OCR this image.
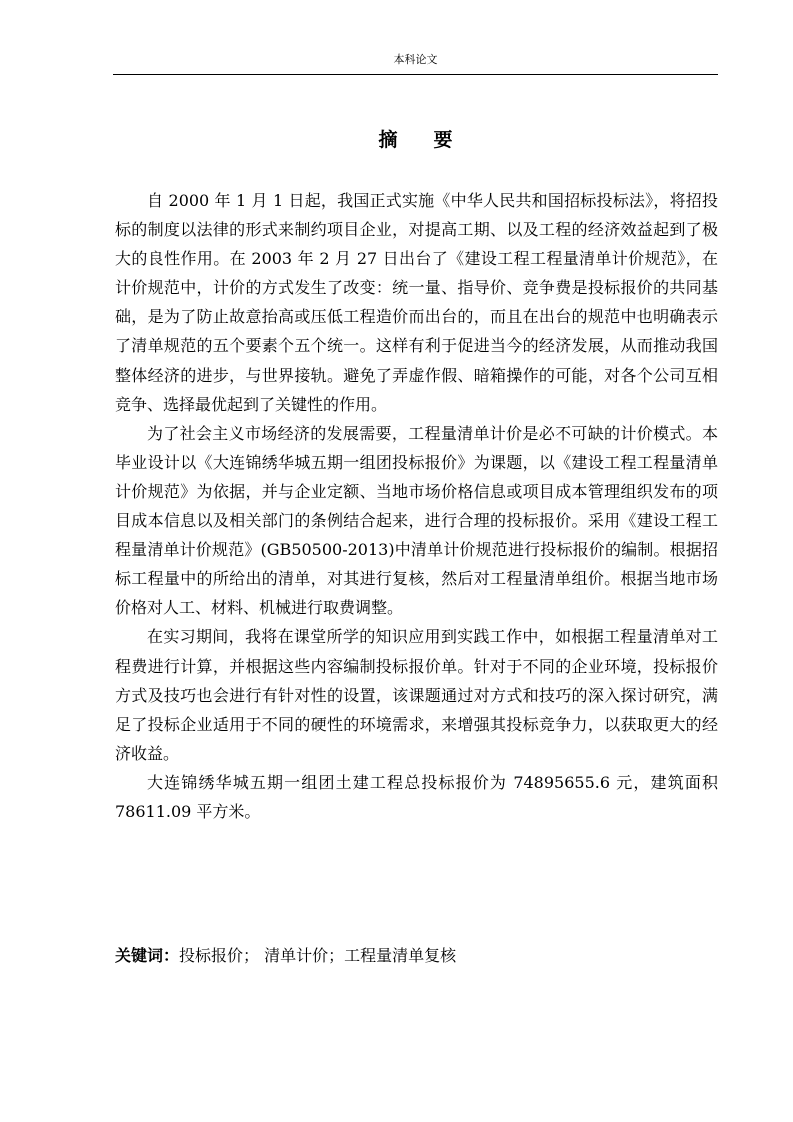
本科论文
摘要

自 2000 年 1 月 1 日起，我国正式实施《中华人民共和国招标投标法》，将招投标的制度以法律的形式来制约项目企业，对提高工期、以及工程的经济效益起到了极大的良性作用。在 2003 年 2 月 27 日出台了《建设工程工程量清单计价规范》，在计价规范中，计价的方式发生了改变：统一量、指导价、竞争费是投标报价的共同基础，是为了防止故意抬高或压低工程造价而出台的，而且在出台的规范中也明确表示了清单规范的五个要素个五个统一。这样有利于促进当今的经济发展，从而推动我国整体经济的进步，与世界接轨。避免了弄虚作假、暗箱操作的可能，对各个公司互相竞争、选择最优起到了关键性的作用。

为了社会主义市场经济的发展需要，工程量清单计价是必不可缺的计价模式。本毕业设计以《大连锦绣华城五期一组团投标报价》为课题，以《建设工程工程量清单计价规范》为依据，并与企业定额、当地市场价格信息或项目成本管理组织发布的项目成本信息以及相关部门的条例结合起来，进行合理的投标报价。采用《建设工程工程量清单计价规范》(GB50500-2013)中清单计价规范进行投标报价的编制。根据招标工程量中的所给出的清单，对其进行复核，然后对工程量清单组价。根据当地市场价格对人工、材料、机械进行取费调整。

在实习期间，我将在课堂所学的知识应用到实践工作中，如根据工程量清单对工程费进行计算，并根据这些内容编制投标报价单。针对于不同的企业环境，投标报价方式及技巧也会进行有针对性的设置，该课题通过对方式和技巧的深入探讨研究，满足了投标企业适用于不同的硬性的环境需求，来增强其投标竞争力，以获取更大的经济收益。

大连锦绣华城五期一组团土建工程总投标报价为 74895655.6 元，建筑面积 78611.09 平方米。

关键词：投标报价； 清单计价；工程量清单复核
